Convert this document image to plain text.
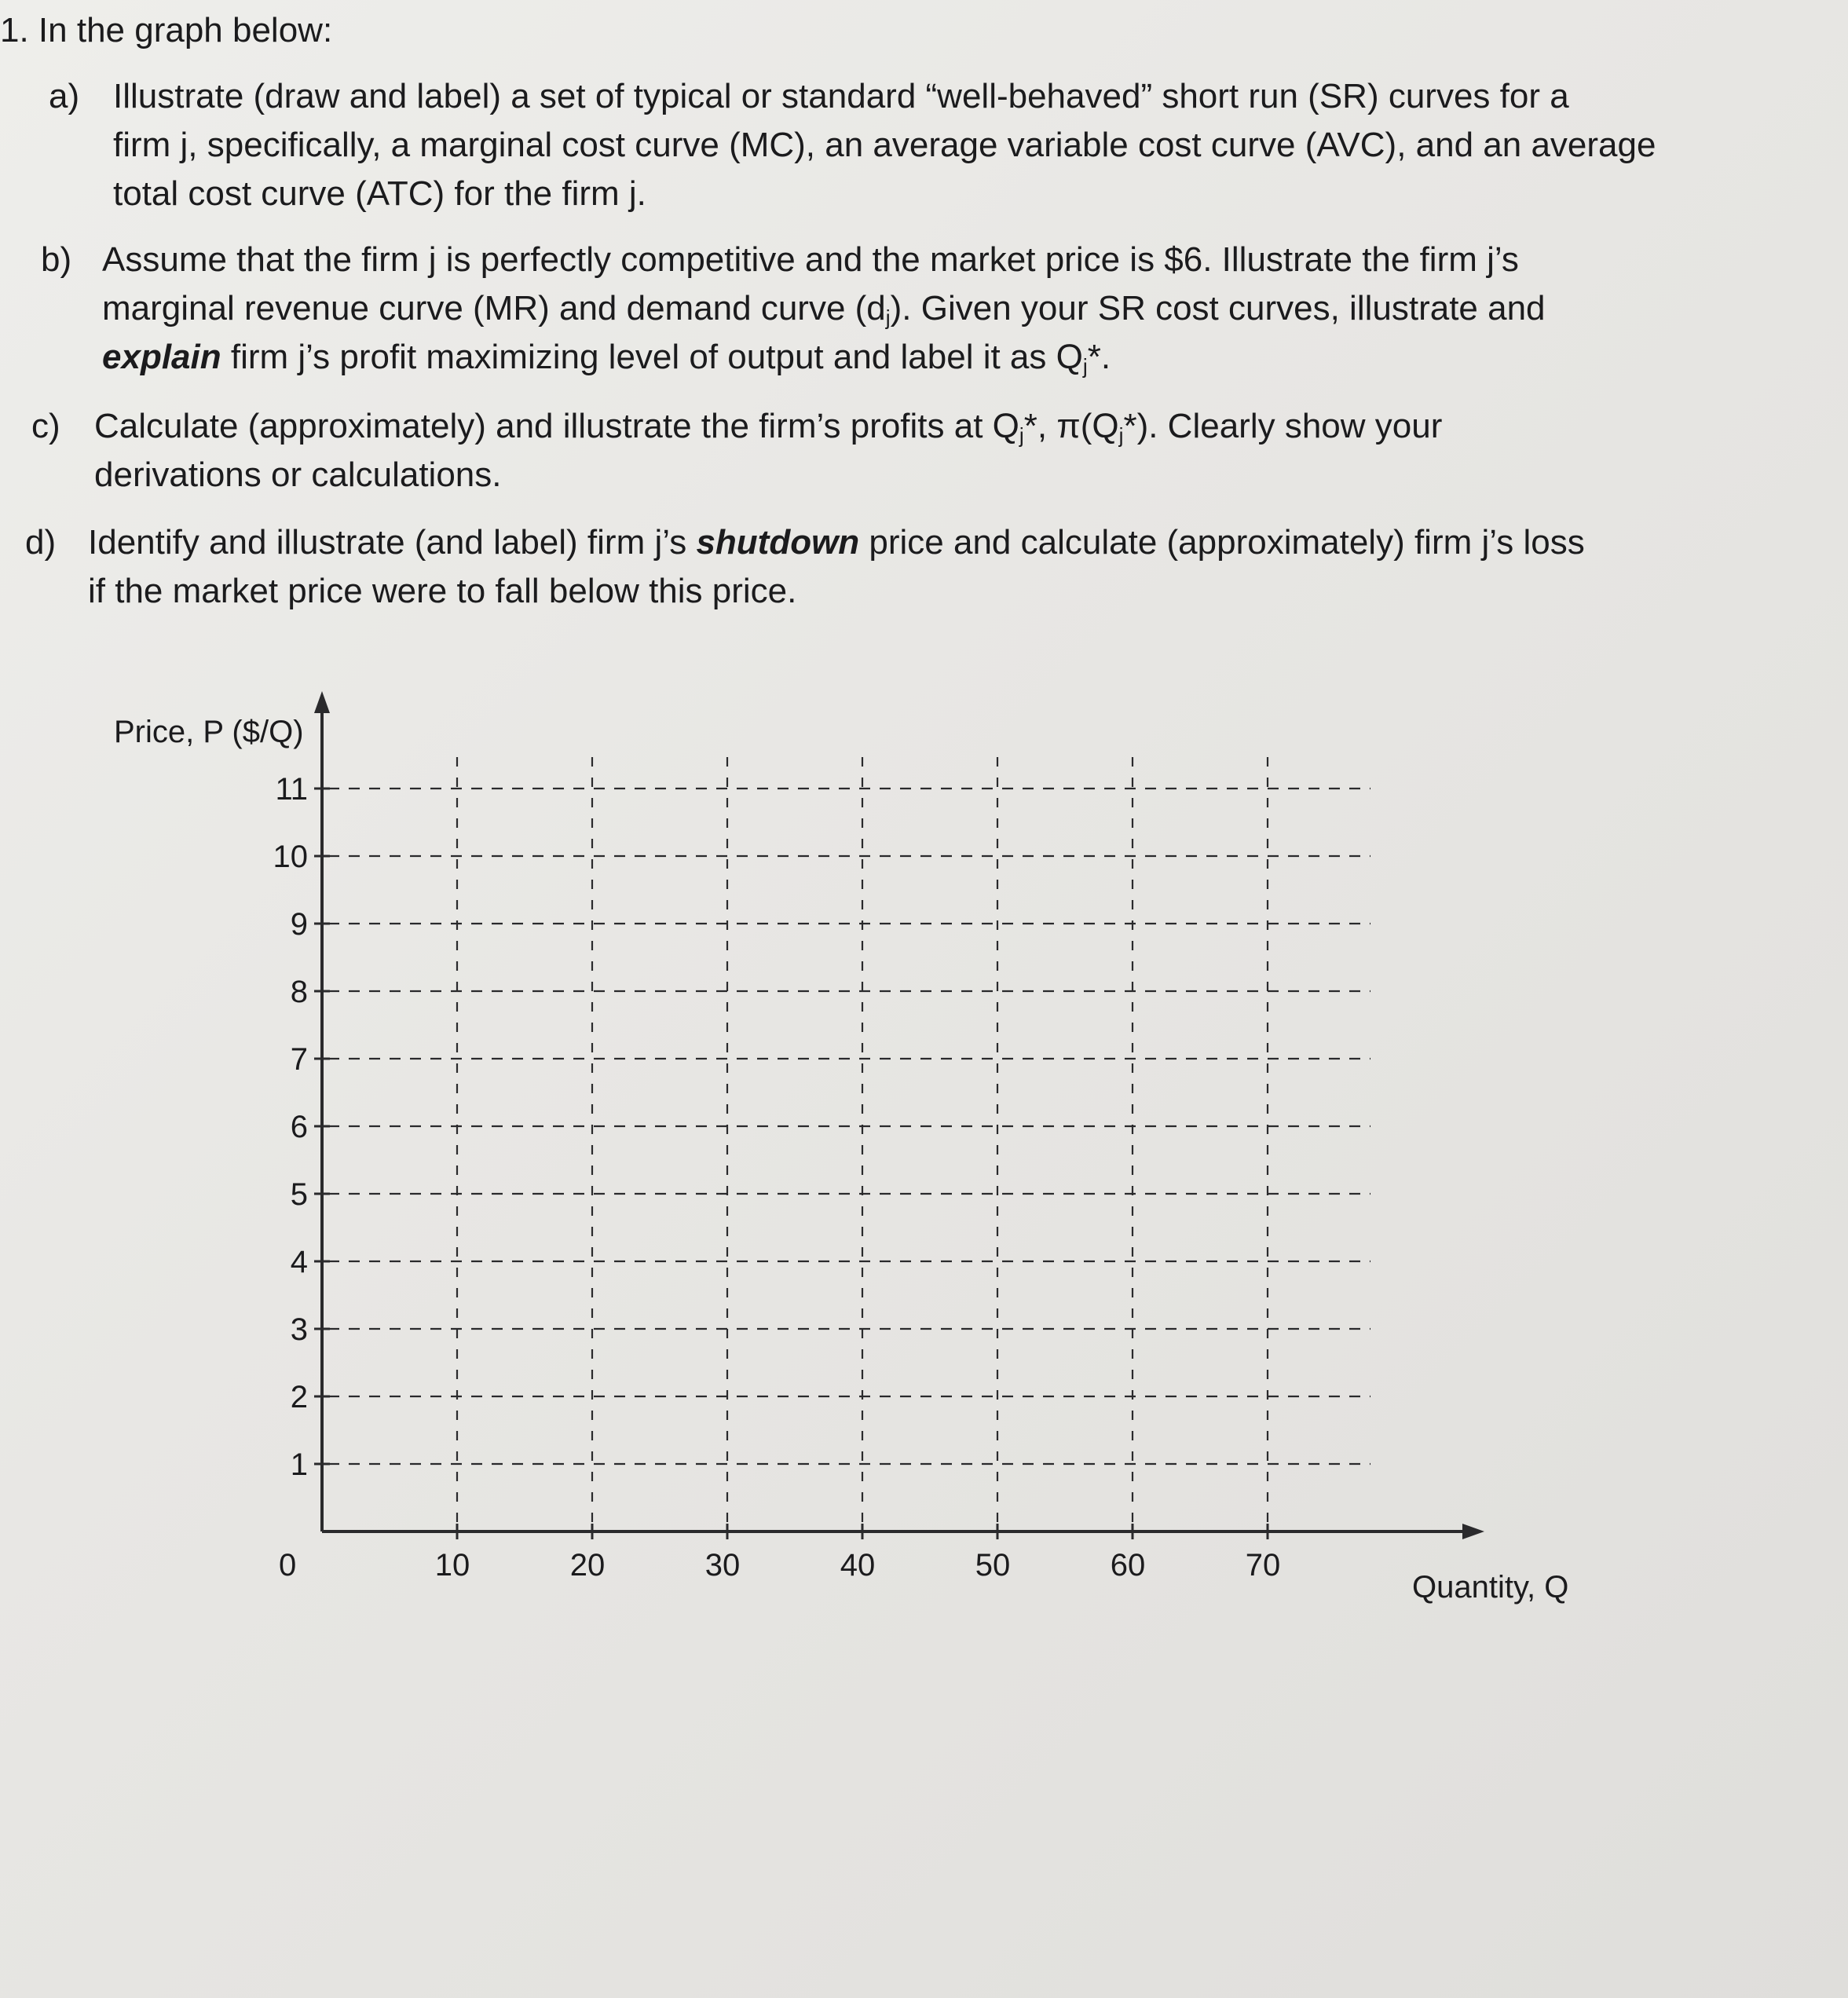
1. In the graph below:
a) Illustrate (draw and label) a set of typical or standard “well-behaved” short run (SR) curves for a
firm j, specifically, a marginal cost curve (MC), an average variable cost curve (AVC), and an average
total cost curve (ATC) for the firm j.
b) Assume that the firm j is perfectly competitive and the market price is $6. Illustrate the firm j’s
marginal revenue curve (MR) and demand curve $(d_j)$. Given your SR cost curves, illustrate and
explain firm j’s profit maximizing level of output and label it as $Q_j*$.
c) Calculate (approximately) and illustrate the firm’s profits at $Q_j*$, $\pi(Q_j*)$. Clearly show your
derivations or calculations.
d) Identify and illustrate (and label) firm j’s shutdown price and calculate (approximately) firm j’s loss
if the market price were to fall below this price.
Price, P ($/Q)
Quantity, Q
0
1
2
3
4
5
6
7
8
9
10
11
10	20	30	40	50	60	70
